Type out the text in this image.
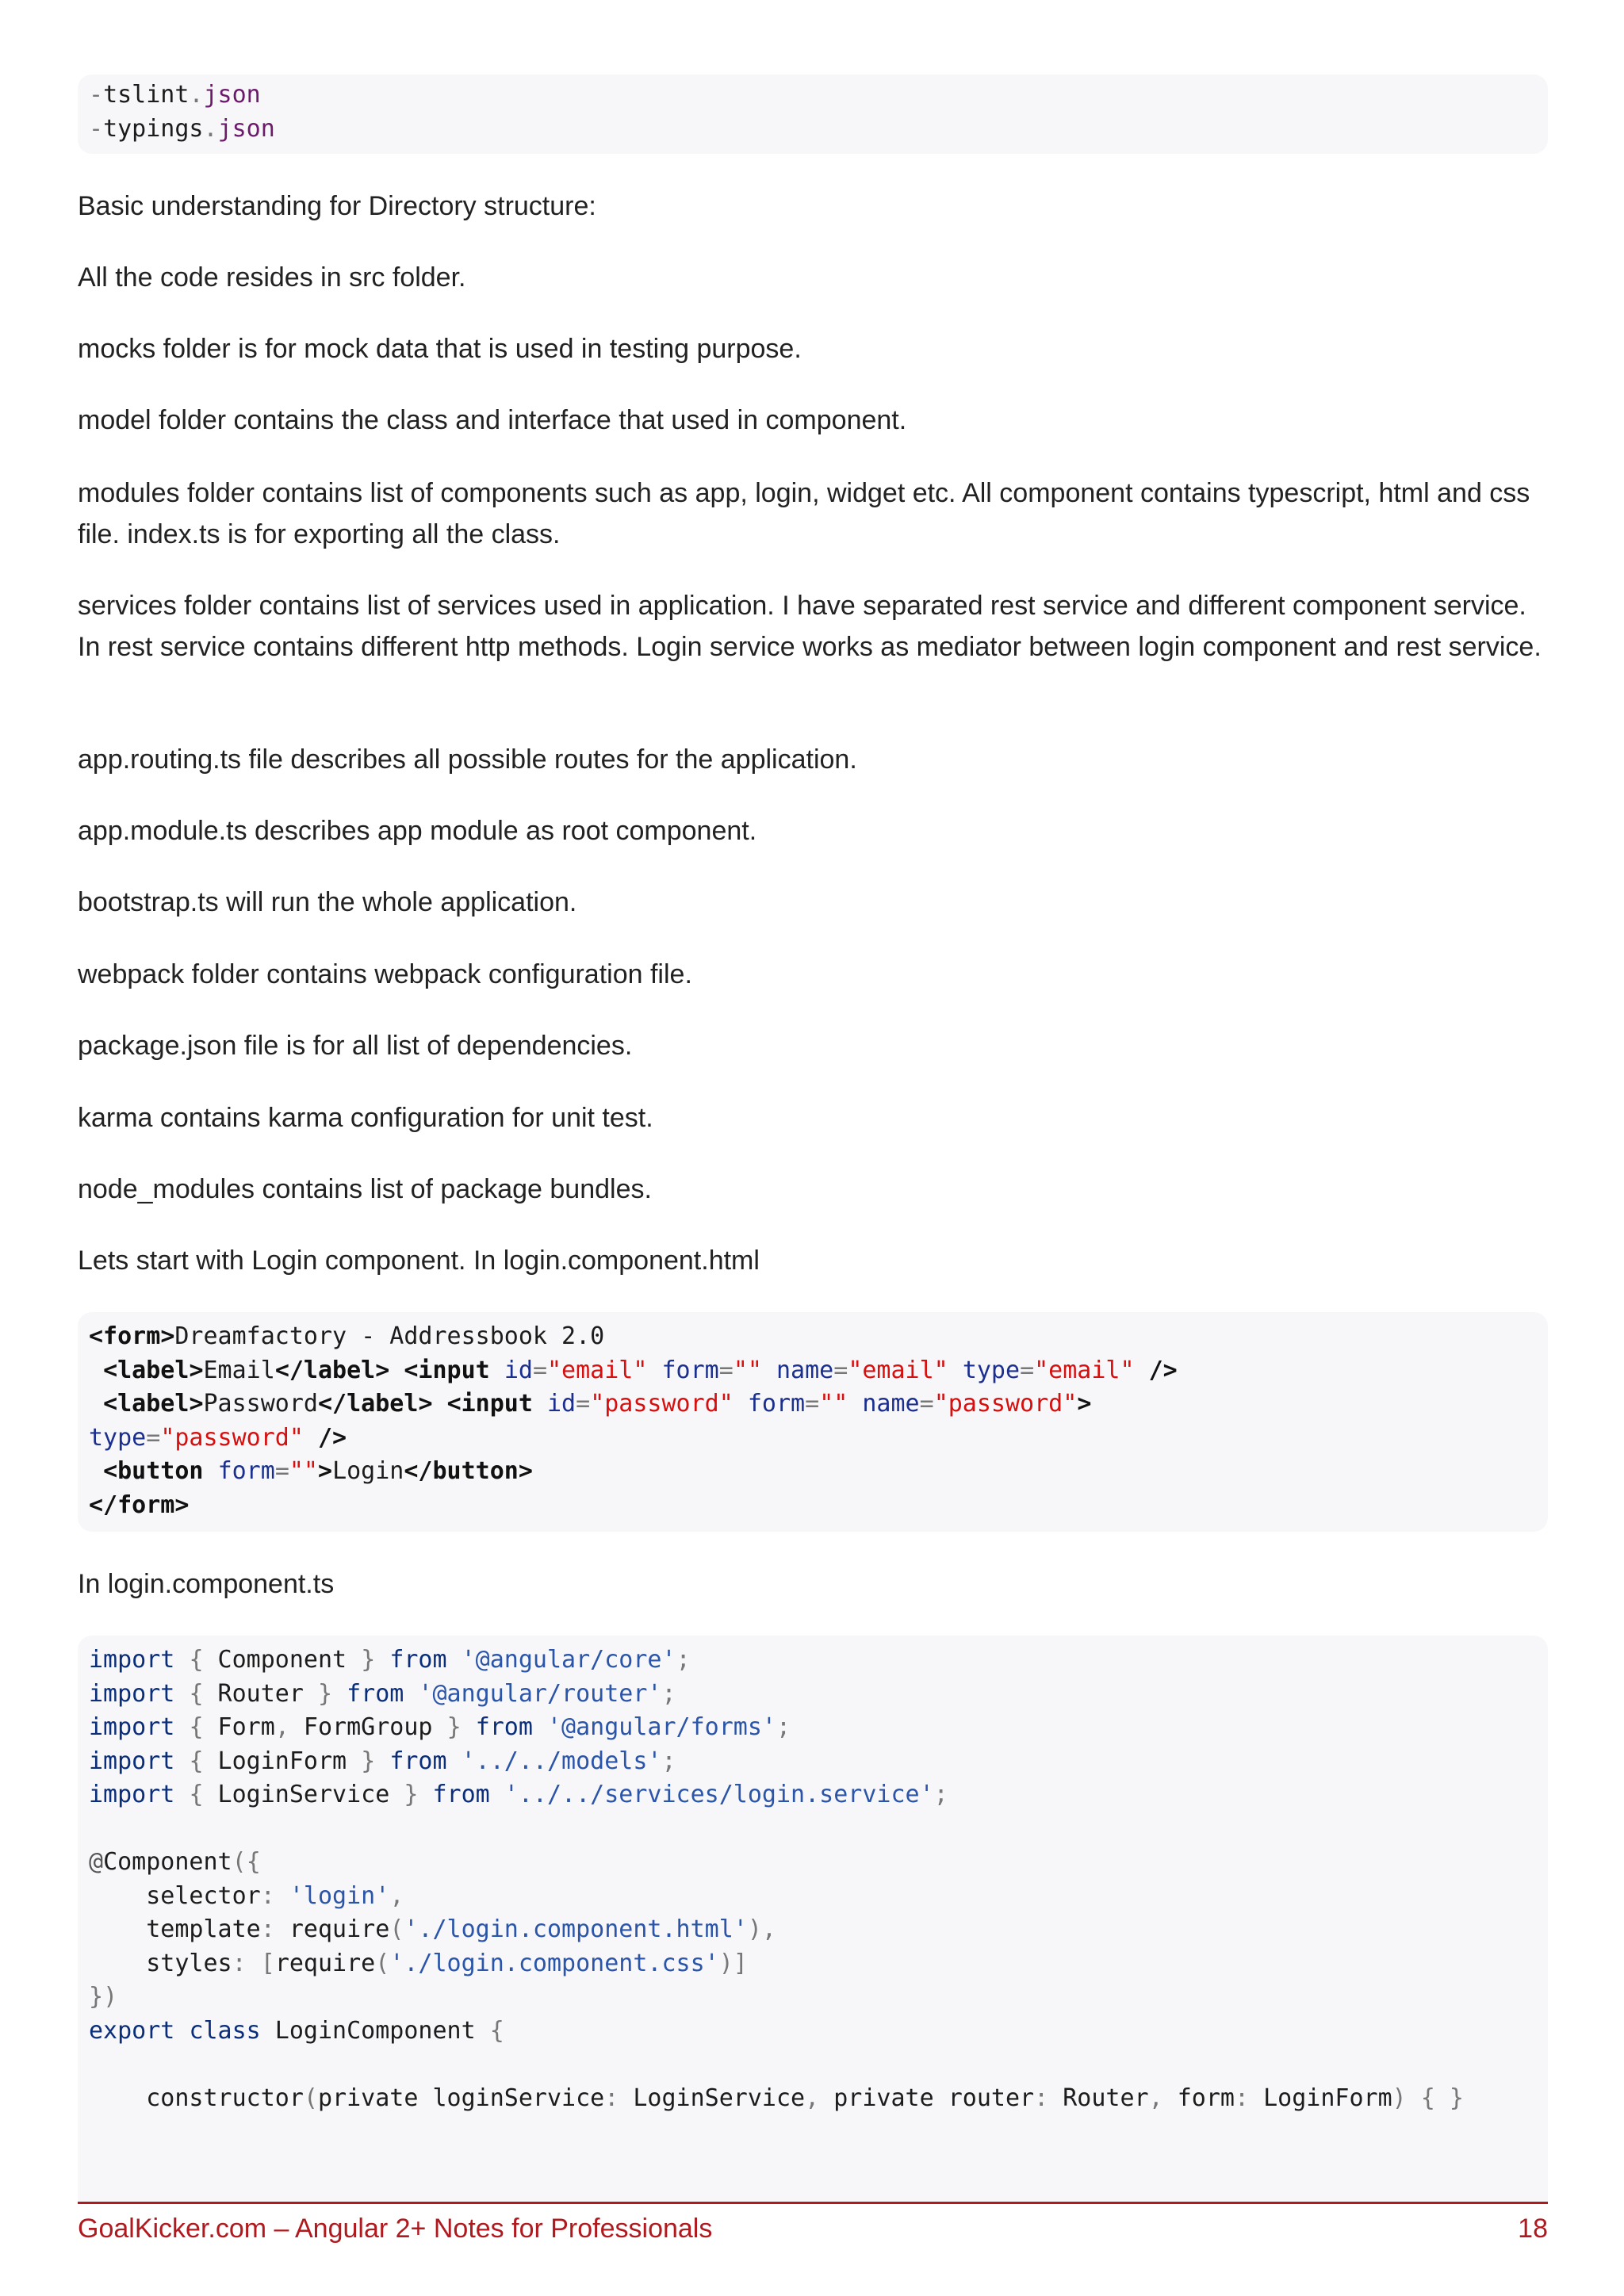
-tslint.json
-typings.json

Basic understanding for Directory structure:

All the code resides in src folder.

mocks folder is for mock data that is used in testing purpose.

model folder contains the class and interface that used in component.

modules folder contains list of components such as app, login, widget etc. All component contains typescript, html and css file. index.ts is for exporting all the class.

services folder contains list of services used in application. I have separated rest service and different component service. In rest service contains different http methods. Login service works as mediator between login component and rest service.

app.routing.ts file describes all possible routes for the application.

app.module.ts describes app module as root component.

bootstrap.ts will run the whole application.

webpack folder contains webpack configuration file.

package.json file is for all list of dependencies.

karma contains karma configuration for unit test.

node_modules contains list of package bundles.

Lets start with Login component. In login.component.html

<form>Dreamfactory - Addressbook 2.0
<label>Email</label> <input id="email" form="" name="email" type="email" />
<label>Password</label> <input id="password" form="" name="password">
type="password" />
<button form="">Login</button>
</form>

In login.component.ts

import { Component } from '@angular/core';
import { Router } from '@angular/router';
import { Form, FormGroup } from '@angular/forms';
import { LoginForm } from '../../models';
import { LoginService } from '../../services/login.service';
@Component({
selector: 'login',
template: require('./login.component.html'),
styles: [require('./login.component.css')]
})
export class LoginComponent {
constructor(private loginService: LoginService, private router: Router, form: LoginForm) { }
GoalKicker.com – Angular 2+ Notes for Professionals	18
